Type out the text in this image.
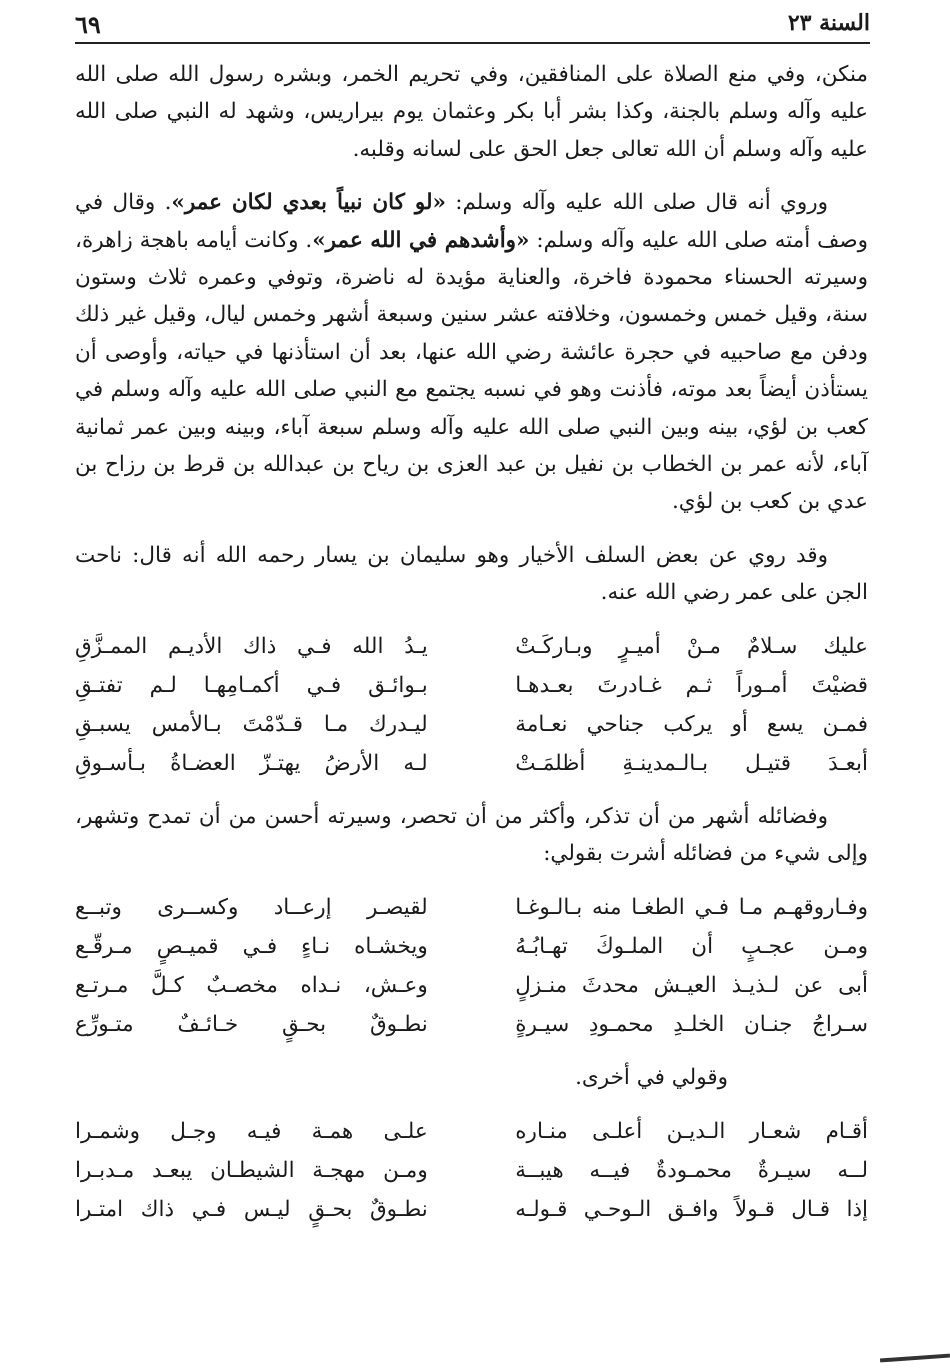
السنة ٢٣
٦٩

منكن، وفي منع الصلاة على المنافقين، وفي تحريم الخمر، وبشره رسول الله صلى الله عليه وآله وسلم بالجنة، وكذا بشر أبا بكر وعثمان يوم بيراريس، وشهد له النبي صلى الله عليه وآله وسلم أن الله تعالى جعل الحق على لسانه وقلبه.

وروي أنه قال صلى الله عليه وآله وسلم: «لو كان نبياً بعدي لكان عمر». وقال في وصف أمته صلى الله عليه وآله وسلم: «وأشدهم في الله عمر». وكانت أيامه باهجة زاهرة، وسيرته الحسناء محمودة فاخرة، والعناية مؤيدة له ناضرة، وتوفي وعمره ثلاث وستون سنة، وقيل خمس وخمسون، وخلافته عشر سنين وسبعة أشهر وخمس ليال، وقيل غير ذلك ودفن مع صاحبيه في حجرة عائشة رضي الله عنها، بعد أن استأذنها في حياته، وأوصى أن يستأذن أيضاً بعد موته، فأذنت وهو في نسبه يجتمع مع النبي صلى الله عليه وآله وسلم في كعب بن لؤي، بينه وبين النبي صلى الله عليه وآله وسلم سبعة آباء، وبينه وبين عمر ثمانية آباء، لأنه عمر بن الخطاب بن نفيل بن عبد العزى بن رياح بن عبدالله بن قرط بن رزاح بن عدي بن كعب بن لؤي.

وقد روي عن بعض السلف الأخيار وهو سليمان بن يسار رحمه الله أنه قال: ناحت الجن على عمر رضي الله عنه.

عليك سـلامٌ مـنْ أميـرٍ وبـاركَـتْ		يـدُ الله فـي ذاك الأديـم الممـزَّقِ
قضيْتَ أمـوراً ثـم غـادرتَ بعـدهـا		بـوائـق فـي أكمـامِهـا لـم تفتـقِ
فمـن يسع أو يركب جناحي نعـامة		ليـدرك مـا قـدّمْتَ بـالأمس يسبـقِ
أبعـدَ قتيـل بـالـمدينـةِ أظلمَـتْ		لـه الأرضُ يهتـزّ العضـاةُ بـأسـوقِ

وفضائله أشهر من أن تذكر، وأكثر من أن تحصر، وسيرته أحسن من أن تمدح وتشهر، وإلى شيء من فضائله أشرت بقولي:

وفـاروقهـم مـا فـي الطغـا منه بـالـوغـا		لقيصـر إرعــاد وكســرى وتبــع
ومـن عجـبٍ أن الملـوكَ تهـابُـهُ		ويخشـاه نـاءٍ فـي قميـصٍ مـرقّـع
أبى عن لـذيـذ العيـش محدثَ منـزلٍ		وعـش، نـداه مخصـبٌ كـلَّ مـرتـع
سـراجُ جنـان الخلـدِ محمـودِ سيـرةٍ		نطـوقٌ بحـقٍ خـائـفٌ متـورِّع

وقولي في أخرى.

أقـام شعـار الـديـن أعلـى منـاره		علـى همـة فيـه وجـل وشمـرا
لــه سيـرةٌ محمـودةٌ فيــه هيبــة		ومـن مهجـة الشيطـان يبعـد مـدبـرا
إذا قـال قـولاً وافـق الـوحـي قـولـه		نطـوقٌ بحـقٍ ليـس فـي ذاك امتـرا
